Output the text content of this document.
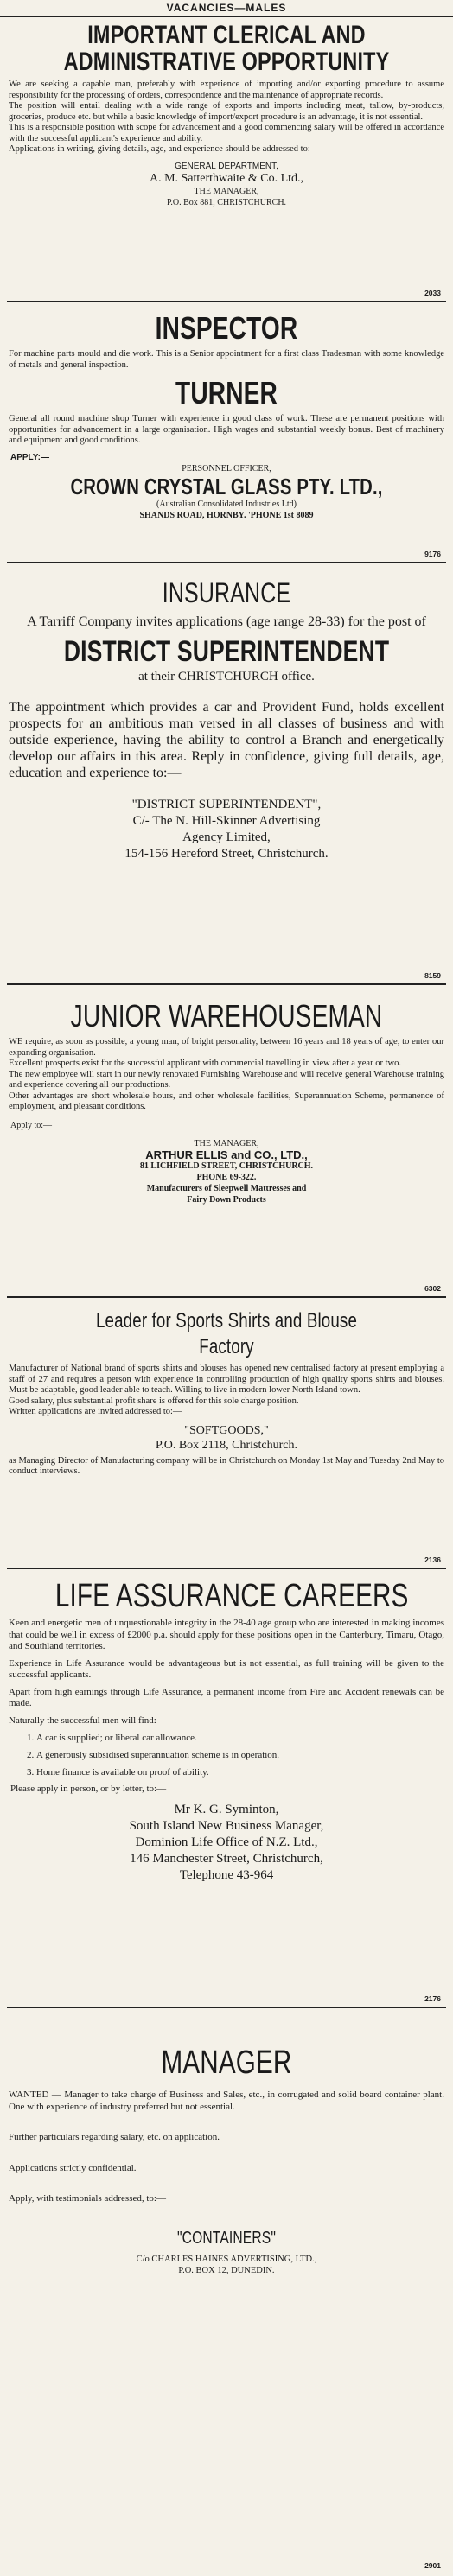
VACANCIES—MALES
IMPORTANT CLERICAL AND
ADMINISTRATIVE OPPORTUNITY
We are seeking a capable man, preferably with experience of importing and/or exporting procedure to assume responsibility for the processing of orders, correspondence and the maintenance of appropriate records.
The position will entail dealing with a wide range of exports and imports including meat, tallow, by-products, groceries, produce etc. but while a basic knowledge of import/export procedure is an advantage, it is not essential.
This is a responsible position with scope for advancement and a good commencing salary will be offered in accordance with the successful applicant's experience and ability.
Applications in writing, giving details, age, and experience should be addressed to:—
GENERAL DEPARTMENT,
A. M. Satterthwaite & Co. Ltd.,
THE MANAGER,
P.O. Box 881, CHRISTCHURCH.
2033
INSPECTOR
For machine parts mould and die work. This is a Senior appointment for a first class Tradesman with some knowledge of metals and general inspection.
TURNER
General all round machine shop Turner with experience in good class of work. These are permanent positions with opportunities for advancement in a large organisation. High wages and substantial weekly bonus. Best of machinery and equipment and good conditions.
APPLY:—
PERSONNEL OFFICER,
CROWN CRYSTAL GLASS PTY. LTD.,
(Australian Consolidated Industries Ltd)
SHANDS ROAD, HORNBY. 'PHONE 1st 8089
9176
INSURANCE
A Tarriff Company invites applications (age range 28-33) for the post of
DISTRICT SUPERINTENDENT
at their CHRISTCHURCH office.
The appointment which provides a car and Provident Fund, holds excellent prospects for an ambitious man versed in all classes of business and with outside experience, having the ability to control a Branch and energetically develop our affairs in this area. Reply in confidence, giving full details, age, education and experience to:—
"DISTRICT SUPERINTENDENT",
C/- The N. Hill-Skinner Advertising
Agency Limited,
154-156 Hereford Street, Christchurch.
8159
JUNIOR WAREHOUSEMAN
WE require, as soon as possible, a young man, of bright personality, between 16 years and 18 years of age, to enter our expanding organisation.
Excellent prospects exist for the successful applicant with commercial travelling in view after a year or two.
The new employee will start in our newly renovated Furnishing Warehouse and will receive general Warehouse training and experience covering all our productions.
Other advantages are short wholesale hours, and other wholesale facilities, Superannuation Scheme, permanence of employment, and pleasant conditions.
Apply to:—
THE MANAGER,
ARTHUR ELLIS and CO., LTD.,
81 LICHFIELD STREET, CHRISTCHURCH.
PHONE 69-322.
Manufacturers of Sleepwell Mattresses and
Fairy Down Products
6302
Leader for Sports Shirts and Blouse
Factory
Manufacturer of National brand of sports shirts and blouses has opened new centralised factory at present employing a staff of 27 and requires a person with experience in controlling production of high quality sports shirts and blouses. Must be adaptable, good leader able to teach. Willing to live in modern lower North Island town.
Good salary, plus substantial profit share is offered for this sole charge position.
Written applications are invited addressed to:—
"SOFTGOODS,"
P.O. Box 2118, Christchurch.
as Managing Director of Manufacturing company will be in Christchurch on Monday 1st May and Tuesday 2nd May to conduct interviews.
2136
LIFE ASSURANCE CAREERS
Keen and energetic men of unquestionable integrity in the 28-40 age group who are interested in making incomes that could be well in excess of £2000 p.a. should apply for these positions open in the Canterbury, Timaru, Otago, and Southland territories.
Experience in Life Assurance would be advantageous but is not essential, as full training will be given to the successful applicants.
Apart from high earnings through Life Assurance, a permanent income from Fire and Accident renewals can be made.
Naturally the successful men will find:—
1. A car is supplied; or liberal car allowance.
2. A generously subsidised superannuation scheme is in operation.
3. Home finance is available on proof of ability.
Please apply in person, or by letter, to:—
Mr K. G. Syminton,
South Island New Business Manager,
Dominion Life Office of N.Z. Ltd.,
146 Manchester Street, Christchurch,
Telephone 43-964
2176
MANAGER
WANTED — Manager to take charge of Business and Sales, etc., in corrugated and solid board container plant. One with experience of industry preferred but not essential.
Further particulars regarding salary, etc. on application.
Applications strictly confidential.
Apply, with testimonials addressed, to:—
"CONTAINERS"
C/o CHARLES HAINES ADVERTISING, LTD.,
P.O. BOX 12, DUNEDIN.
2901
